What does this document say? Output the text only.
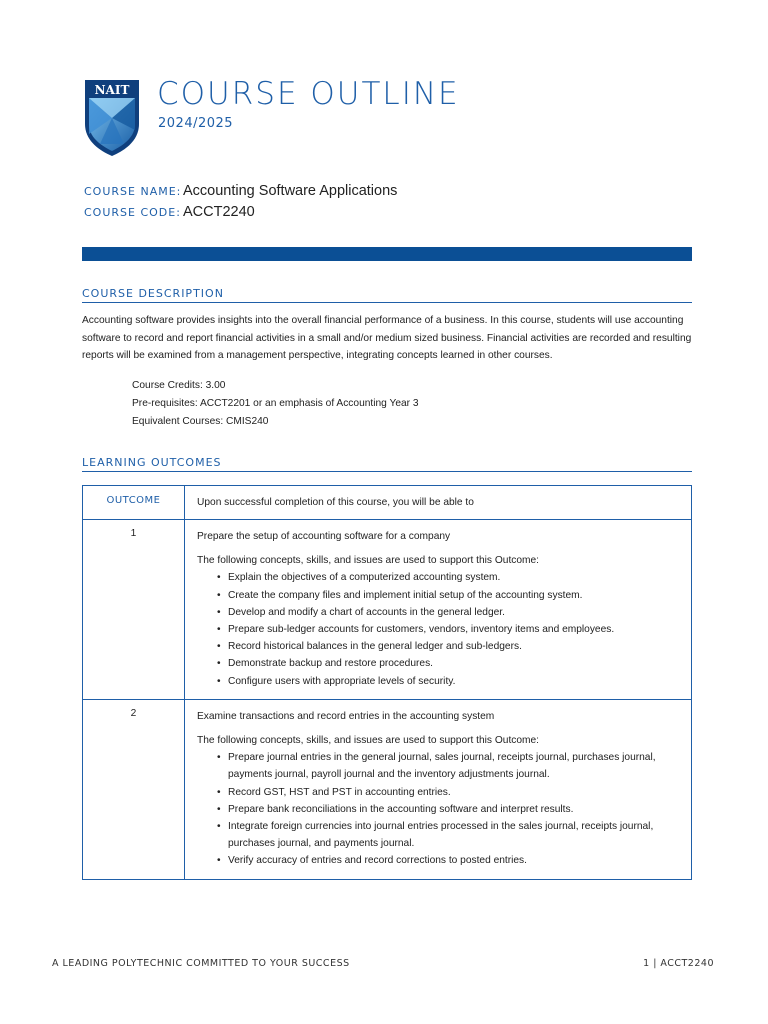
NAIT COURSE OUTLINE
2024/2025
COURSE NAME: Accounting Software Applications
COURSE CODE: ACCT2240
COURSE DESCRIPTION
Accounting software provides insights into the overall financial performance of a business. In this course, students will use accounting software to record and report financial activities in a small and/or medium sized business. Financial activities are recorded and resulting reports will be examined from a management perspective, integrating concepts learned in other courses.
Course Credits: 3.00
Pre-requisites: ACCT2201 or an emphasis of Accounting Year 3
Equivalent Courses: CMIS240
LEARNING OUTCOMES
OUTCOME	Upon successful completion of this course, you will be able to
1	Prepare the setup of accounting software for a company
The following concepts, skills, and issues are used to support this Outcome:
• Explain the objectives of a computerized accounting system.
• Create the company files and implement initial setup of the accounting system.
• Develop and modify a chart of accounts in the general ledger.
• Prepare sub-ledger accounts for customers, vendors, inventory items and employees.
• Record historical balances in the general ledger and sub-ledgers.
• Demonstrate backup and restore procedures.
• Configure users with appropriate levels of security.
2	Examine transactions and record entries in the accounting system
The following concepts, skills, and issues are used to support this Outcome:
• Prepare journal entries in the general journal, sales journal, receipts journal, purchases journal, payments journal, payroll journal and the inventory adjustments journal.
• Record GST, HST and PST in accounting entries.
• Prepare bank reconciliations in the accounting software and interpret results.
• Integrate foreign currencies into journal entries processed in the sales journal, receipts journal, purchases journal, and payments journal.
• Verify accuracy of entries and record corrections to posted entries.
A LEADING POLYTECHNIC COMMITTED TO YOUR SUCCESS	1 | ACCT2240
